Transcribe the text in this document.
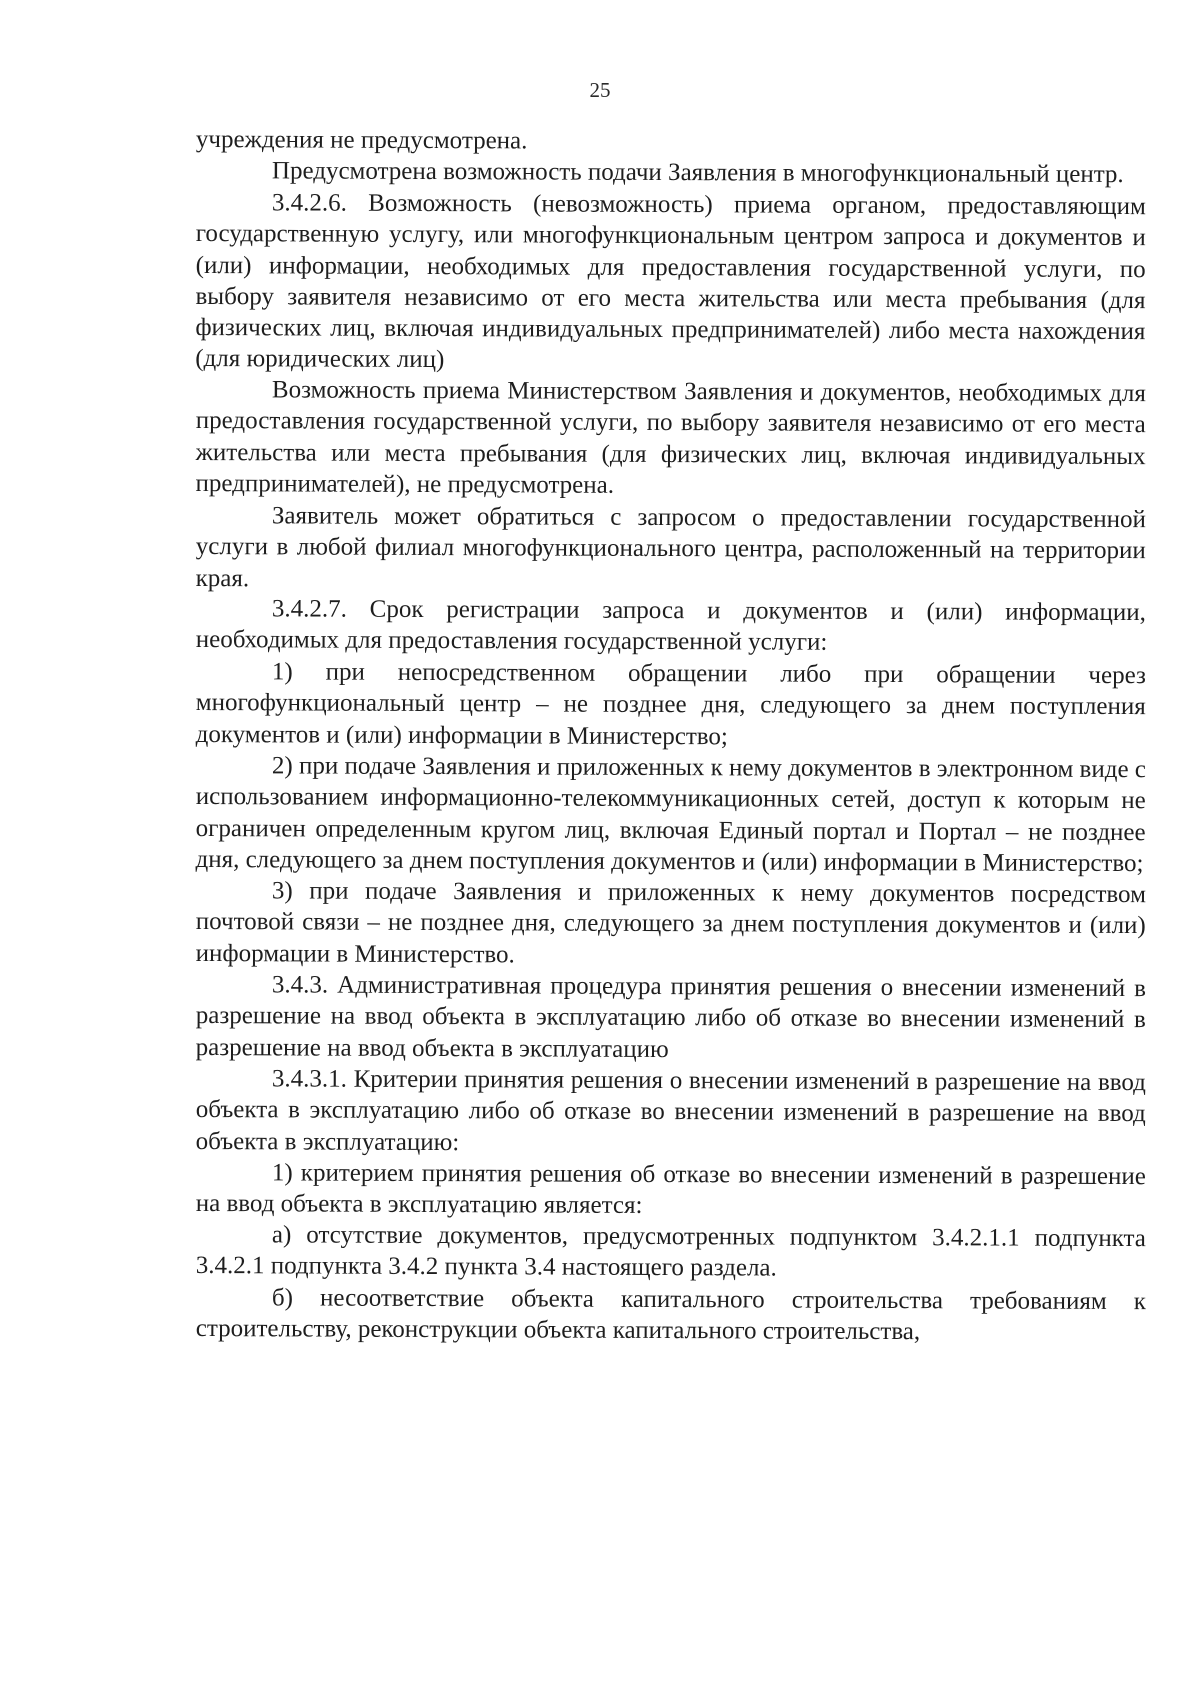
25

учреждения не предусмотрена.

Предусмотрена возможность подачи Заявления в многофункциональный центр.

3.4.2.6. Возможность (невозможность) приема органом, предоставляющим государственную услугу, или многофункциональным центром запроса и документов и (или) информации, необходимых для предоставления государственной услуги, по выбору заявителя независимо от его места жительства или места пребывания (для физических лиц, включая индивидуальных предпринимателей) либо места нахождения (для юридических лиц)

Возможность приема Министерством Заявления и документов, необходимых для предоставления государственной услуги, по выбору заявителя независимо от его места жительства или места пребывания (для физических лиц, включая индивидуальных предпринимателей), не предусмотрена.

Заявитель может обратиться с запросом о предоставлении государственной услуги в любой филиал многофункционального центра, расположенный на территории края.

3.4.2.7. Срок регистрации запроса и документов и (или) информации, необходимых для предоставления государственной услуги:

1) при непосредственном обращении либо при обращении через многофункциональный центр – не позднее дня, следующего за днем поступления документов и (или) информации в Министерство;

2) при подаче Заявления и приложенных к нему документов в электронном виде с использованием информационно-телекоммуникационных сетей, доступ к которым не ограничен определенным кругом лиц, включая Единый портал и Портал – не позднее дня, следующего за днем поступления документов и (или) информации в Министерство;

3) при подаче Заявления и приложенных к нему документов посредством почтовой связи – не позднее дня, следующего за днем поступления документов и (или) информации в Министерство.

3.4.3. Административная процедура принятия решения о внесении изменений в разрешение на ввод объекта в эксплуатацию либо об отказе во внесении изменений в разрешение на ввод объекта в эксплуатацию

3.4.3.1. Критерии принятия решения о внесении изменений в разрешение на ввод объекта в эксплуатацию либо об отказе во внесении изменений в разрешение на ввод объекта в эксплуатацию:

1) критерием принятия решения об отказе во внесении изменений в разрешение на ввод объекта в эксплуатацию является:

а) отсутствие документов, предусмотренных подпунктом 3.4.2.1.1 подпункта 3.4.2.1 подпункта 3.4.2 пункта 3.4 настоящего раздела.

б) несоответствие объекта капитального строительства требованиям к строительству, реконструкции объекта капитального строительства,
